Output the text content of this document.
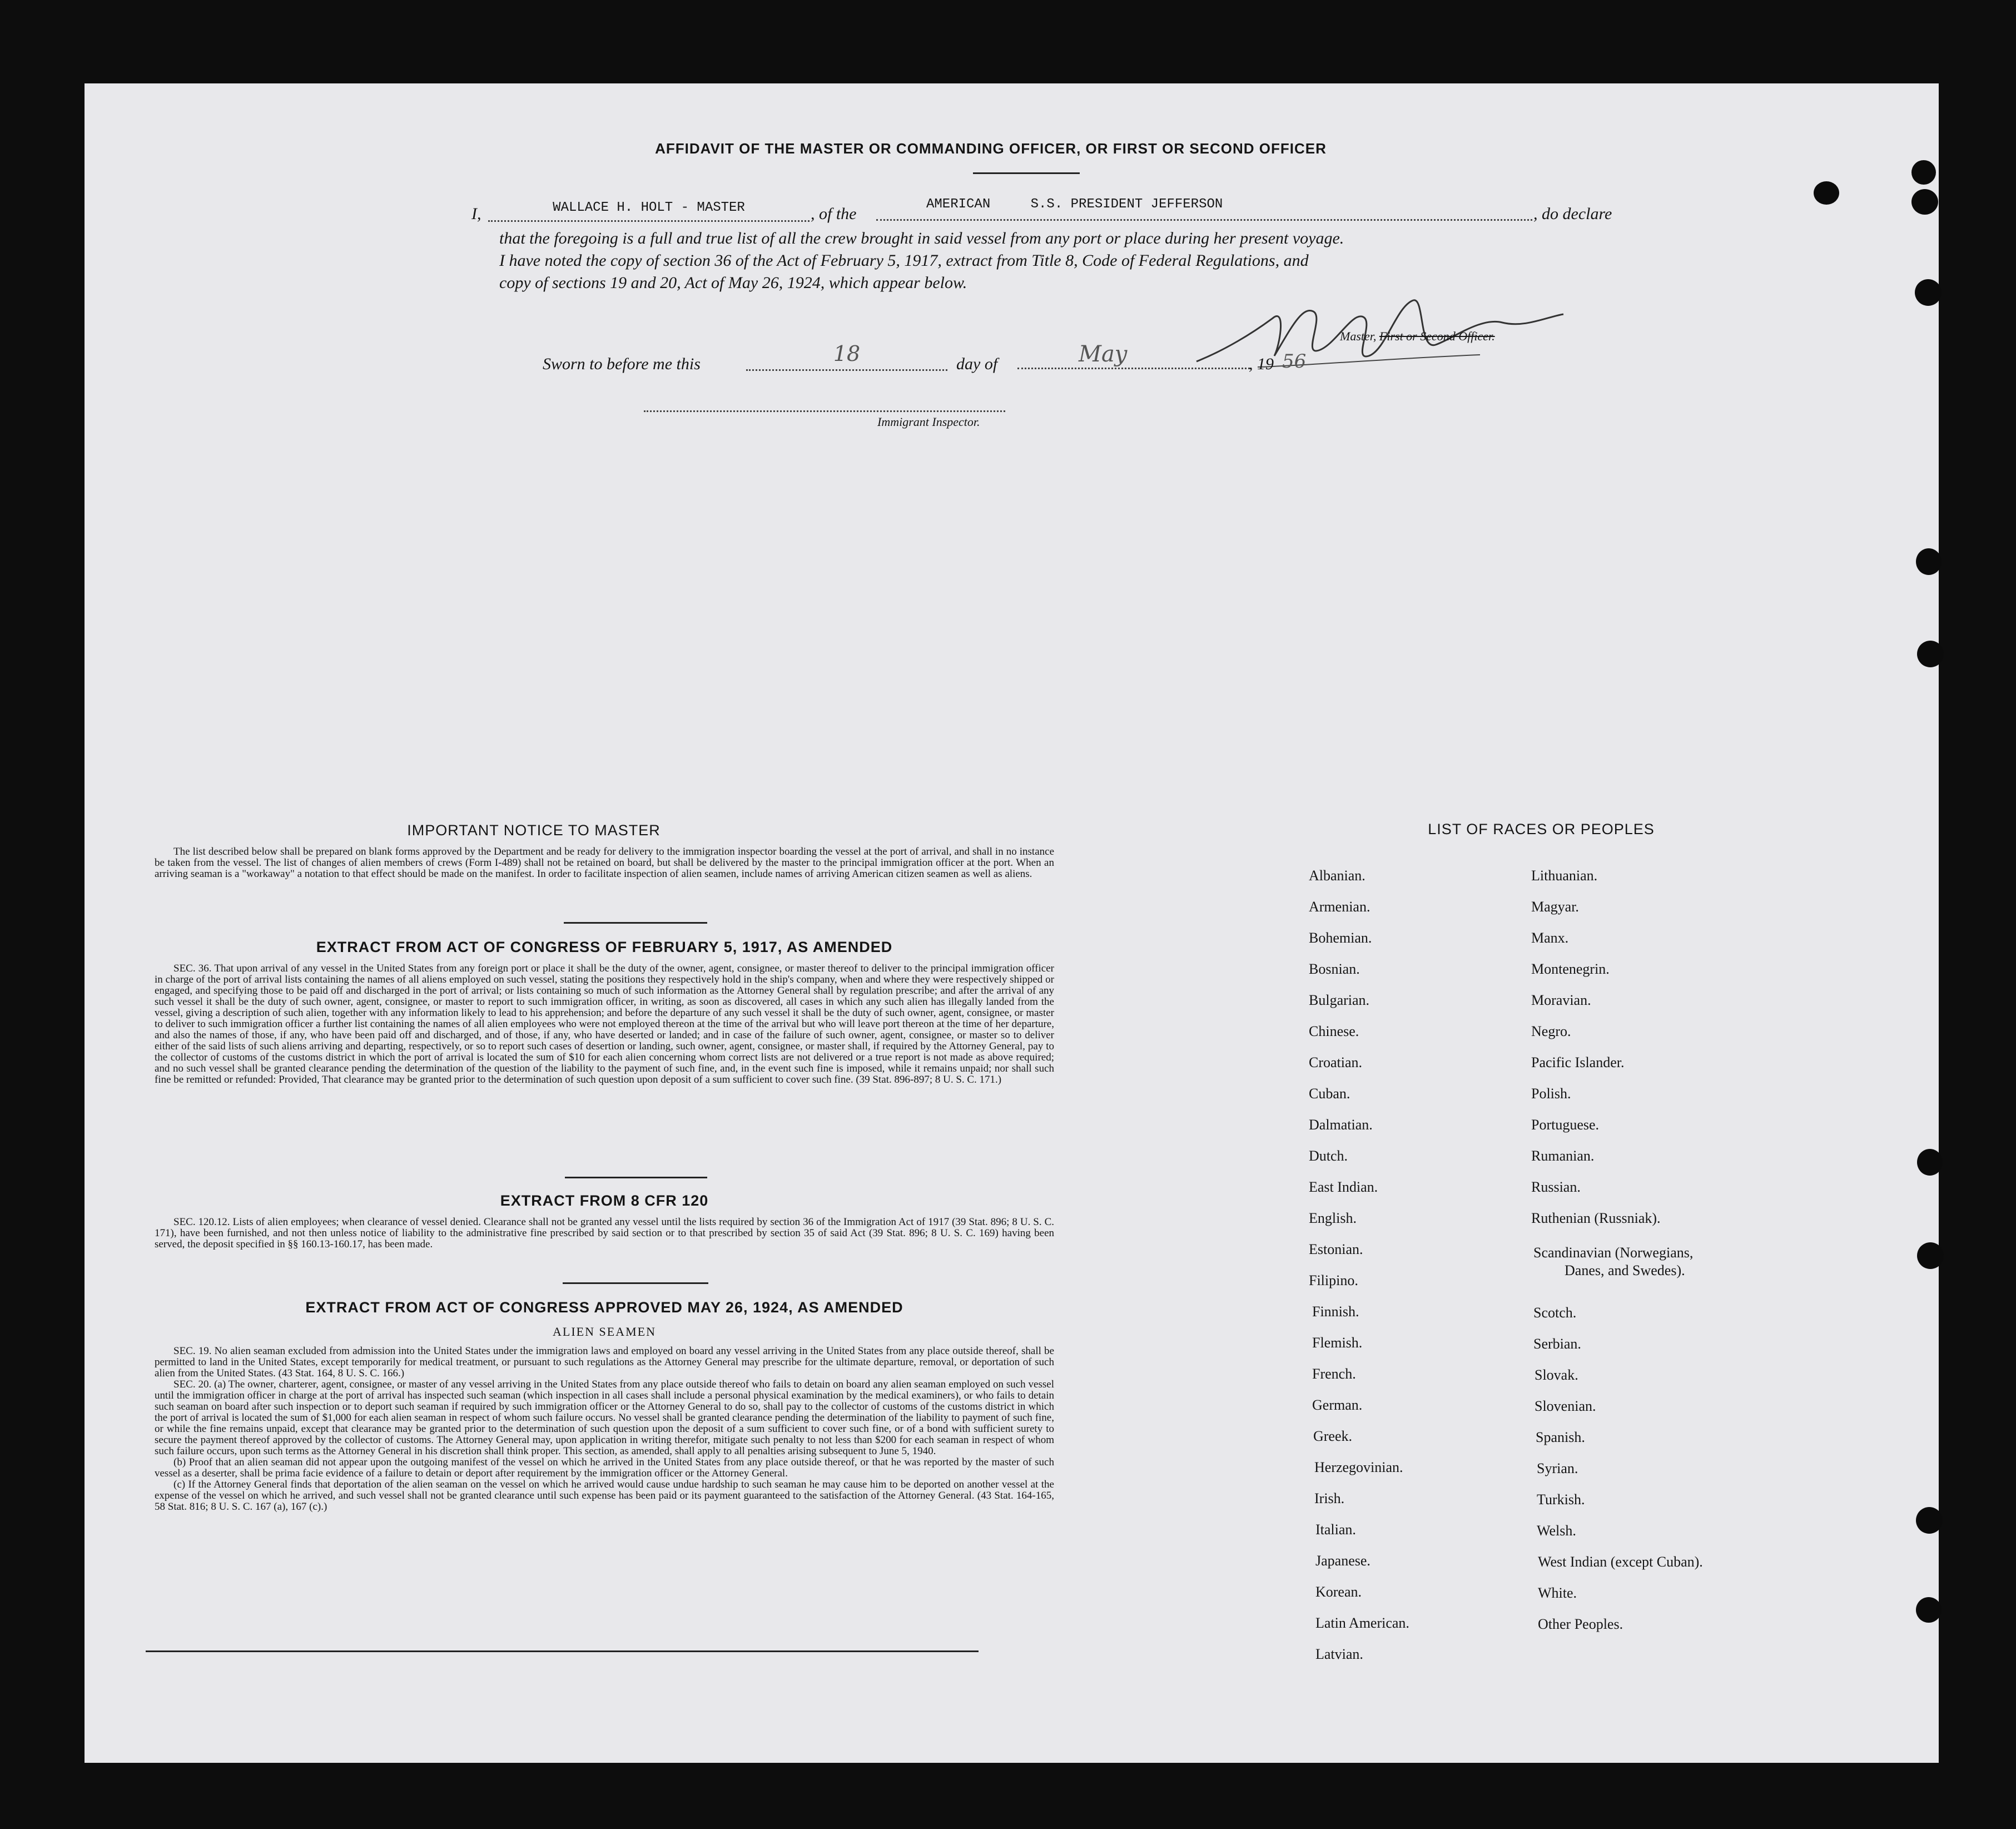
AFFIDAVIT OF THE MASTER OR COMMANDING OFFICER, OR FIRST OR SECOND OFFICER
I,	WALLACE H. HOLT - MASTER	, of the
AMERICAN	S.S. PRESIDENT JEFFERSON
, do declare
that the foregoing is a full and true list of all the crew brought in said vessel from any port or place during her present voyage.
I have noted the copy of section 36 of the Act of February 5, 1917, extract from Title 8, Code of Federal Regulations, and
copy of sections 19 and 20, Act of May 26, 1924, which appear below.
Master, First or Second Officer.
Sworn to before me this	18	day of	May	, 19 56
Immigrant Inspector.
IMPORTANT NOTICE TO MASTER
The list described below shall be prepared on blank forms approved by the Department and be ready for delivery to the immigration inspector boarding the vessel at the port of arrival, and shall in no instance be taken from the vessel. The list of changes of alien members of crews (Form I-489) shall not be retained on board, but shall be delivered by the master to the principal immigration officer at the port. When an arriving seaman is a "workaway" a notation to that effect should be made on the manifest. In order to facilitate inspection of alien seamen, include names of arriving American citizen seamen as well as aliens.
EXTRACT FROM ACT OF CONGRESS OF FEBRUARY 5, 1917, AS AMENDED
SEC. 36. That upon arrival of any vessel in the United States from any foreign port or place it shall be the duty of the owner, agent, consignee, or master thereof to deliver to the principal immigration officer in charge of the port of arrival lists containing the names of all aliens employed on such vessel, stating the positions they respectively hold in the ship's company, when and where they were respectively shipped or engaged, and specifying those to be paid off and discharged in the port of arrival; or lists containing so much of such information as the Attorney General shall by regulation prescribe; and after the arrival of any such vessel it shall be the duty of such owner, agent, consignee, or master to report to such immigration officer, in writing, as soon as discovered, all cases in which any such alien has illegally landed from the vessel, giving a description of such alien, together with any information likely to lead to his apprehension; and before the departure of any such vessel it shall be the duty of such owner, agent, consignee, or master to deliver to such immigration officer a further list containing the names of all alien employees who were not employed thereon at the time of the arrival but who will leave port thereon at the time of her departure, and also the names of those, if any, who have been paid off and discharged, and of those, if any, who have deserted or landed; and in case of the failure of such owner, agent, consignee, or master so to deliver either of the said lists of such aliens arriving and departing, respectively, or so to report such cases of desertion or landing, such owner, agent, consignee, or master shall, if required by the Attorney General, pay to the collector of customs of the customs district in which the port of arrival is located the sum of $10 for each alien concerning whom correct lists are not delivered or a true report is not made as above required; and no such vessel shall be granted clearance pending the determination of the question of the liability to the payment of such fine, and, in the event such fine is imposed, while it remains unpaid; nor shall such fine be remitted or refunded: Provided, That clearance may be granted prior to the determination of such question upon deposit of a sum sufficient to cover such fine. (39 Stat. 896-897; 8 U. S. C. 171.)
EXTRACT FROM 8 CFR 120
SEC. 120.12. Lists of alien employees; when clearance of vessel denied. Clearance shall not be granted any vessel until the lists required by section 36 of the Immigration Act of 1917 (39 Stat. 896; 8 U. S. C. 171), have been furnished, and not then unless notice of liability to the administrative fine prescribed by said section or to that prescribed by section 35 of said Act (39 Stat. 896; 8 U. S. C. 169) having been served, the deposit specified in §§ 160.13-160.17, has been made.
EXTRACT FROM ACT OF CONGRESS APPROVED MAY 26, 1924, AS AMENDED
ALIEN SEAMEN
SEC. 19. No alien seaman excluded from admission into the United States under the immigration laws and employed on board any vessel arriving in the United States from any place outside thereof, shall be permitted to land in the United States, except temporarily for medical treatment, or pursuant to such regulations as the Attorney General may prescribe for the ultimate departure, removal, or deportation of such alien from the United States. (43 Stat. 164, 8 U. S. C. 166.)
SEC. 20. (a) The owner, charterer, agent, consignee, or master of any vessel arriving in the United States from any place outside thereof who fails to detain on board any alien seaman employed on such vessel until the immigration officer in charge at the port of arrival has inspected such seaman (which inspection in all cases shall include a personal physical examination by the medical examiners), or who fails to detain such seaman on board after such inspection or to deport such seaman if required by such immigration officer or the Attorney General to do so, shall pay to the collector of customs of the customs district in which the port of arrival is located the sum of $1,000 for each alien seaman in respect of whom such failure occurs. No vessel shall be granted clearance pending the determination of the liability to payment of such fine, or while the fine remains unpaid, except that clearance may be granted prior to the determination of such question upon the deposit of a sum sufficient to cover such fine, or of a bond with sufficient surety to secure the payment thereof approved by the collector of customs. The Attorney General may, upon application in writing therefor, mitigate such penalty to not less than $200 for each seaman in respect of whom such failure occurs, upon such terms as the Attorney General in his discretion shall think proper. This section, as amended, shall apply to all penalties arising subsequent to June 5, 1940.
(b) Proof that an alien seaman did not appear upon the outgoing manifest of the vessel on which he arrived in the United States from any place outside thereof, or that he was reported by the master of such vessel as a deserter, shall be prima facie evidence of a failure to detain or deport after requirement by the immigration officer or the Attorney General.
(c) If the Attorney General finds that deportation of the alien seaman on the vessel on which he arrived would cause undue hardship to such seaman he may cause him to be deported on another vessel at the expense of the vessel on which he arrived, and such vessel shall not be granted clearance until such expense has been paid or its payment guaranteed to the satisfaction of the Attorney General. (43 Stat. 164-165, 58 Stat. 816; 8 U. S. C. 167 (a), 167 (c).)
LIST OF RACES OR PEOPLES
Albanian.
Armenian.
Bohemian.
Bosnian.
Bulgarian.
Chinese.
Croatian.
Cuban.
Dalmatian.
Dutch.
East Indian.
English.
Estonian.
Filipino.
Finnish.
Flemish.
French.
German.
Greek.
Herzegovinian.
Irish.
Italian.
Japanese.
Korean.
Latin American.
Latvian.
Lithuanian.
Magyar.
Manx.
Montenegrin.
Moravian.
Negro.
Pacific Islander.
Polish.
Portuguese.
Rumanian.
Russian.
Ruthenian (Russniak).
Scandinavian (Norwegians,
Danes, and Swedes).
Scotch.
Serbian.
Slovak.
Slovenian.
Spanish.
Syrian.
Turkish.
Welsh.
West Indian (except Cuban).
White.
Other Peoples.
